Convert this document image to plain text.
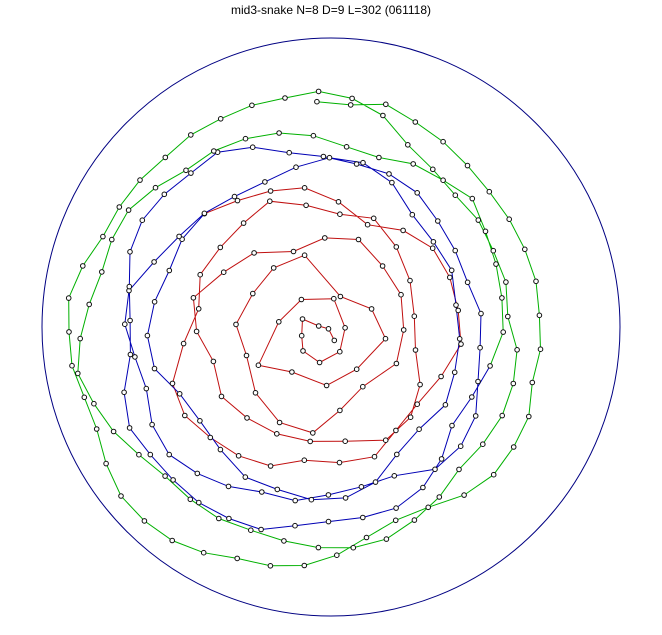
mid3-snake N=8 D=9 L=302 (061118)
